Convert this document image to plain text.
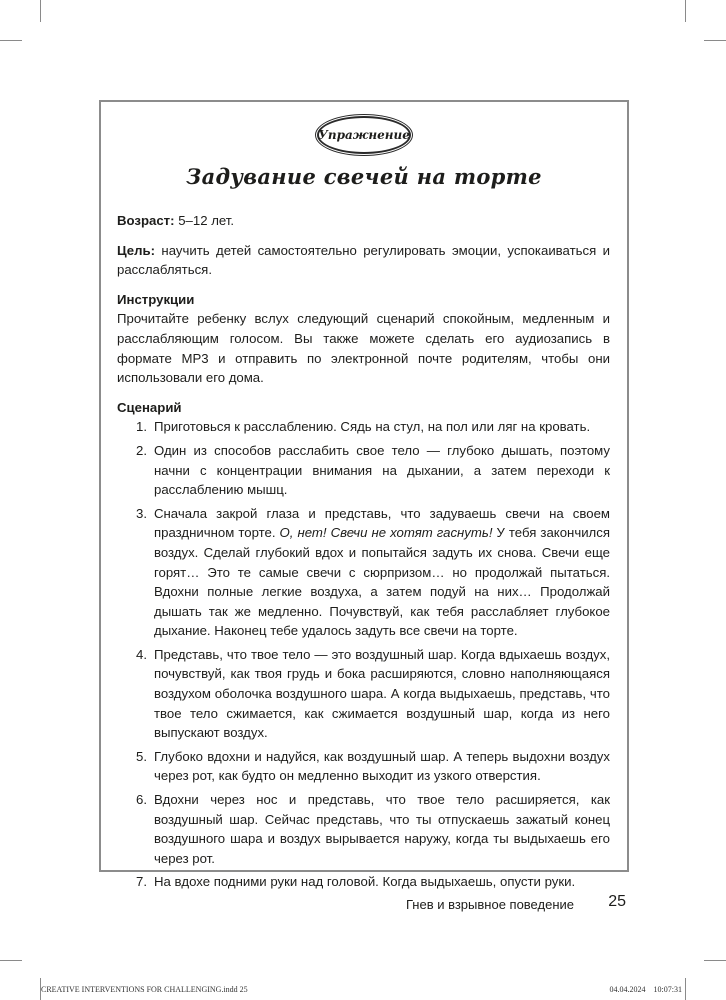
Упражнение
Задувание свечей на торте

Возраст: 5–12 лет.

Цель: научить детей самостоятельно регулировать эмоции, успокаиваться и расслабляться.

Инструкции

Прочитайте ребенку вслух следующий сценарий спокойным, медленным и расслабляющим голосом. Вы также можете сделать его аудиозапись в формате MP3 и отправить по электронной почте родителям, чтобы они использовали его дома.

Сценарий

1. Приготовься к расслаблению. Сядь на стул, на пол или ляг на кровать.
2. Один из способов расслабить свое тело — глубоко дышать, поэтому начни с концентрации внимания на дыхании, а затем переходи к расслаблению мышц.
3. Сначала закрой глаза и представь, что задуваешь свечи на своем праздничном торте. О, нет! Свечи не хотят гаснуть! У тебя закончился воздух. Сделай глубокий вдох и попытайся задуть их снова. Свечи еще горят… Это те самые свечи с сюрпризом… но продолжай пытаться. Вдохни полные легкие воздуха, а затем подуй на них… Продолжай дышать так же медленно. Почувствуй, как тебя расслабляет глубокое дыхание. Наконец тебе удалось задуть все свечи на торте.
4. Представь, что твое тело — это воздушный шар. Когда вдыхаешь воздух, почувствуй, как твоя грудь и бока расширяются, словно наполняющаяся воздухом оболочка воздушного шара. А когда выдыхаешь, представь, что твое тело сжимается, как сжимается воздушный шар, когда из него выпускают воздух.
5. Глубоко вдохни и надуйся, как воздушный шар. А теперь выдохни воздух через рот, как будто он медленно выходит из узкого отверстия.
6. Вдохни через нос и представь, что твое тело расширяется, как воздушный шар. Сейчас представь, что ты отпускаешь зажатый конец воздушного шара и воздух вырывается наружу, когда ты выдыхаешь его через рот.
7. На вдохе подними руки над головой. Когда выдыхаешь, опусти руки.
Гнев и взрывное поведение 25
CREATIVE INTERVENTIONS FOR CHALLENGING.indd 25	04.04.2024 10:07:31
